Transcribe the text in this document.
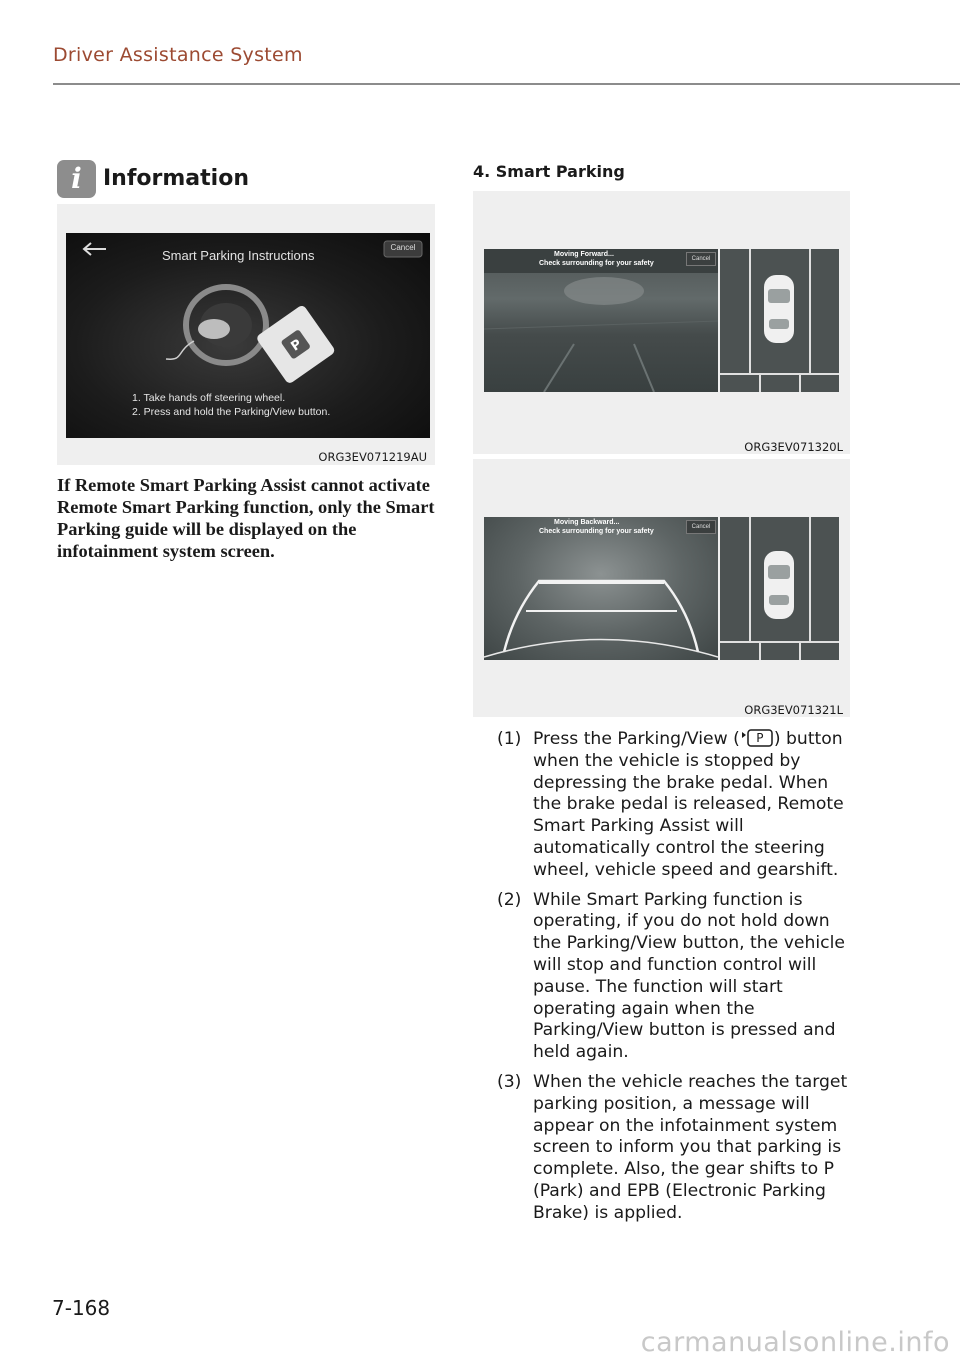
Driver Assistance System
i Information
P
Cancel
Smart Parking Instructions
1. Take hands off steering wheel.
2. Press and hold the Parking/View button.
ORG3EV071219AU
If Remote Smart Parking Assist cannot activate Remote Smart Parking function, only the Smart Parking guide will be displayed on the infotainment system screen.
4. Smart Parking
Moving Forward...
Check surrounding for your safety
Cancel
ORG3EV071320L
Moving Backward...
Check surrounding for your safety
Cancel
ORG3EV071321L
(1) Press the Parking/View (	P ) button when the vehicle is stopped by depressing the brake pedal. When the brake pedal is released, Remote Smart Parking Assist will automatically control the steering wheel, vehicle speed and gearshift.
(2) While Smart Parking function is operating, if you do not hold down the Parking/View button, the vehicle will stop and function control will pause. The function will start operating again when the Parking/View button is pressed and held again.
(3) When the vehicle reaches the target parking position, a message will appear on the infotainment system screen to inform you that parking is complete. Also, the gear shifts to P (Park) and EPB (Electronic Parking Brake) is applied.
7-168
carmanualsonline.info
